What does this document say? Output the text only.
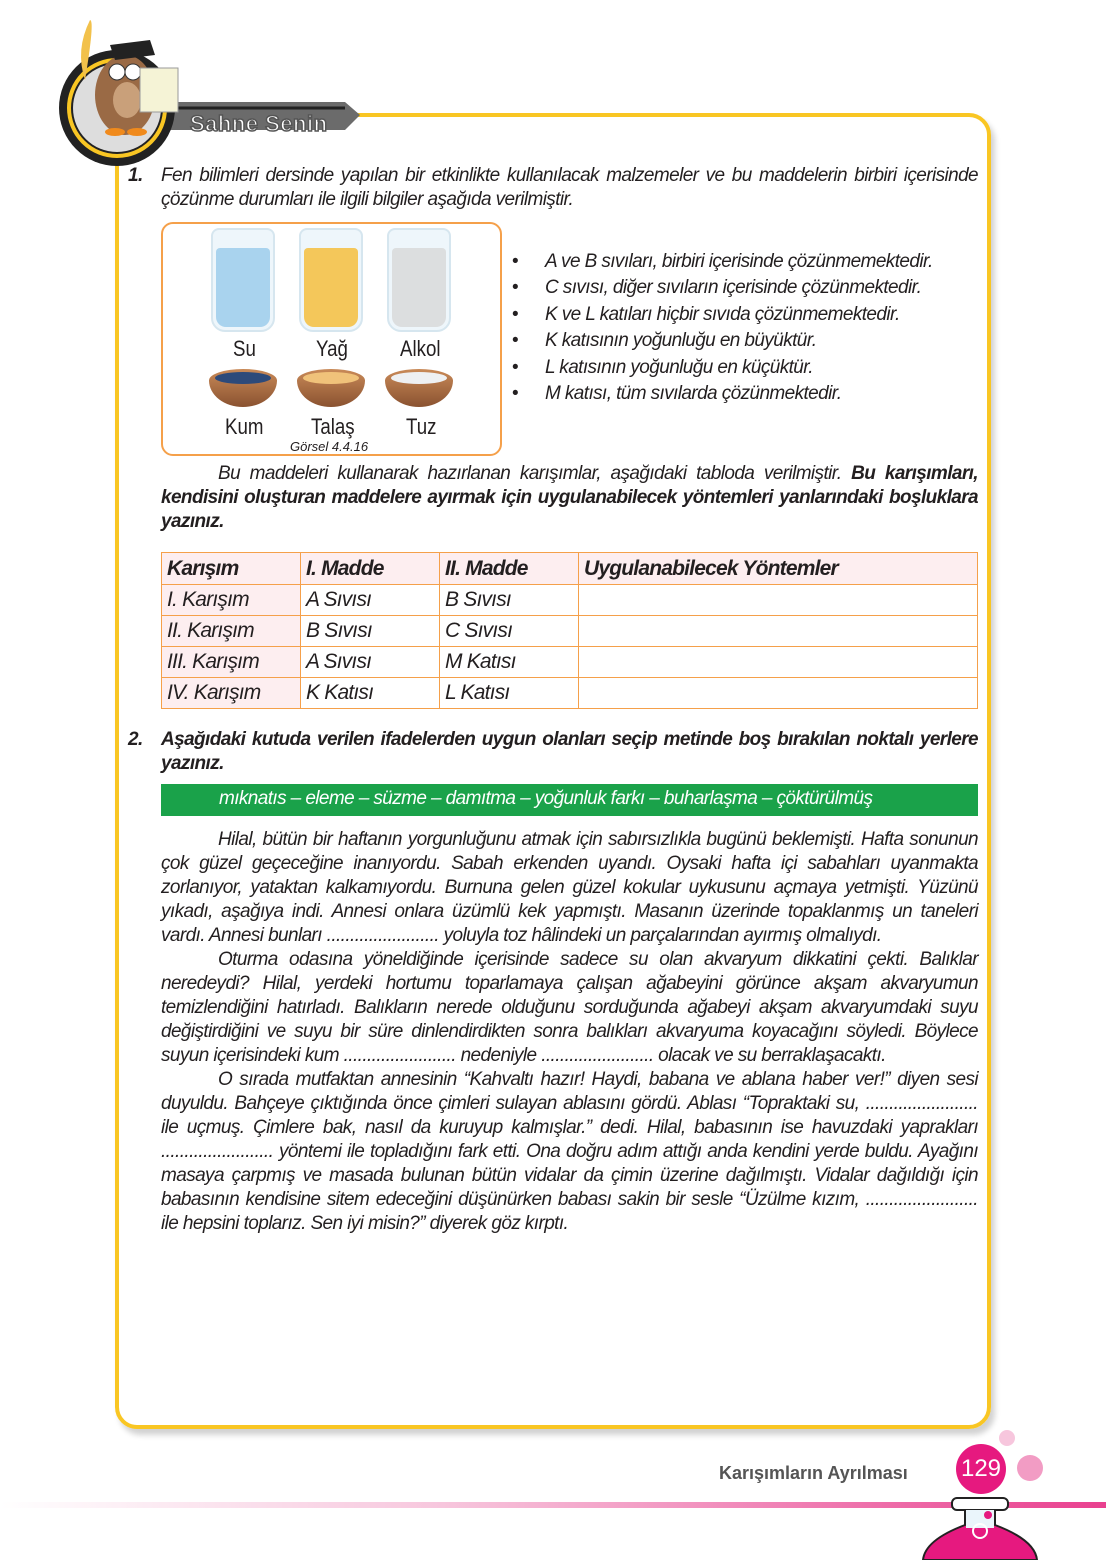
Sahne Senin
1. Fen bilimleri dersinde yapılan bir etkinlikte kullanılacak malzemeler ve bu maddelerin birbiri içerisinde çözünme durumları ile ilgili bilgiler aşağıda verilmiştir.
Su	Yağ Alkol
Kum Talaş Tuz
Görsel 4.4.16
• A ve B sıvıları, birbiri içerisinde çözünmemektedir.
• C sıvısı, diğer sıvıların içerisinde çözünmektedir.
• K ve L katıları hiçbir sıvıda çözünmemektedir.
• K katısının yoğunluğu en büyüktür.
• L katısının yoğunluğu en küçüktür.
• M katısı, tüm sıvılarda çözünmektedir.
Bu maddeleri kullanarak hazırlanan karışımlar, aşağıdaki tabloda verilmiştir. Bu karışımları, kendisini oluşturan maddelere ayırmak için uygulanabilecek yöntemleri yanlarındaki boşluklara yazınız.
Karışım	I. Madde	II. Madde	Uygulanabilecek Yöntemler
I. Karışım	A Sıvısı	B Sıvısı	
II. Karışım	B Sıvısı	C Sıvısı	
III. Karışım	A Sıvısı	M Katısı	
IV. Karışım	K Katısı	L Katısı	
2. Aşağıdaki kutuda verilen ifadelerden uygun olanları seçip metinde boş bırakılan noktalı yerlere yazınız.
mıknatıs – eleme – süzme – damıtma – yoğunluk farkı – buharlaşma – çöktürülmüş

Hilal, bütün bir haftanın yorgunluğunu atmak için sabırsızlıkla bugünü beklemişti. Hafta sonunun çok güzel geçeceğine inanıyordu. Sabah erkenden uyandı. Oysaki hafta içi sabahları uyanmakta zorlanıyor, yataktan kalkamıyordu. Burnuna gelen güzel kokular uykusunu açmaya yetmişti. Yüzünü yıkadı, aşağıya indi. Annesi onlara üzümlü kek yapmıştı. Masanın üzerinde topaklanmış un taneleri vardı. Annesi bunları ........................ yoluyla toz hâlindeki un parçalarından ayırmış olmalıydı.

Oturma odasına yöneldiğinde içerisinde sadece su olan akvaryum dikkatini çekti. Balıklar neredeydi? Hilal, yerdeki hortumu toparlamaya çalışan ağabeyini görünce akşam akvaryumun temizlendiğini hatırladı. Balıkların nerede olduğunu sorduğunda ağabeyi akşam akvaryumdaki suyu değiştirdiğini ve suyu bir süre dinlendirdikten sonra balıkları akvaryuma koyacağını söyledi. Böylece suyun içerisindeki kum ........................ nedeniyle ........................ olacak ve su berraklaşacaktı.

O sırada mutfaktan annesinin “Kahvaltı hazır! Haydi, babana ve ablana haber ver!” diyen sesi duyuldu. Bahçeye çıktığında önce çimleri sulayan ablasını gördü. Ablası “Topraktaki su, ........................ ile uçmuş. Çimlere bak, nasıl da kuruyup kalmışlar.” dedi. Hilal, babasının ise havuzdaki yaprakları ........................ yöntemi ile topladığını fark etti. Ona doğru adım attığı anda kendini yerde buldu. Ayağını masaya çarpmış ve masada bulunan bütün vidalar da çimin üzerine dağılmıştı. Vidalar dağıldığı için babasının kendisine sitem edeceğini düşünürken babası sakin bir sesle “Üzülme kızım, ........................ ile hepsini toplarız. Sen iyi misin?” diyerek göz kırptı.

Karışımların Ayrılması 129
